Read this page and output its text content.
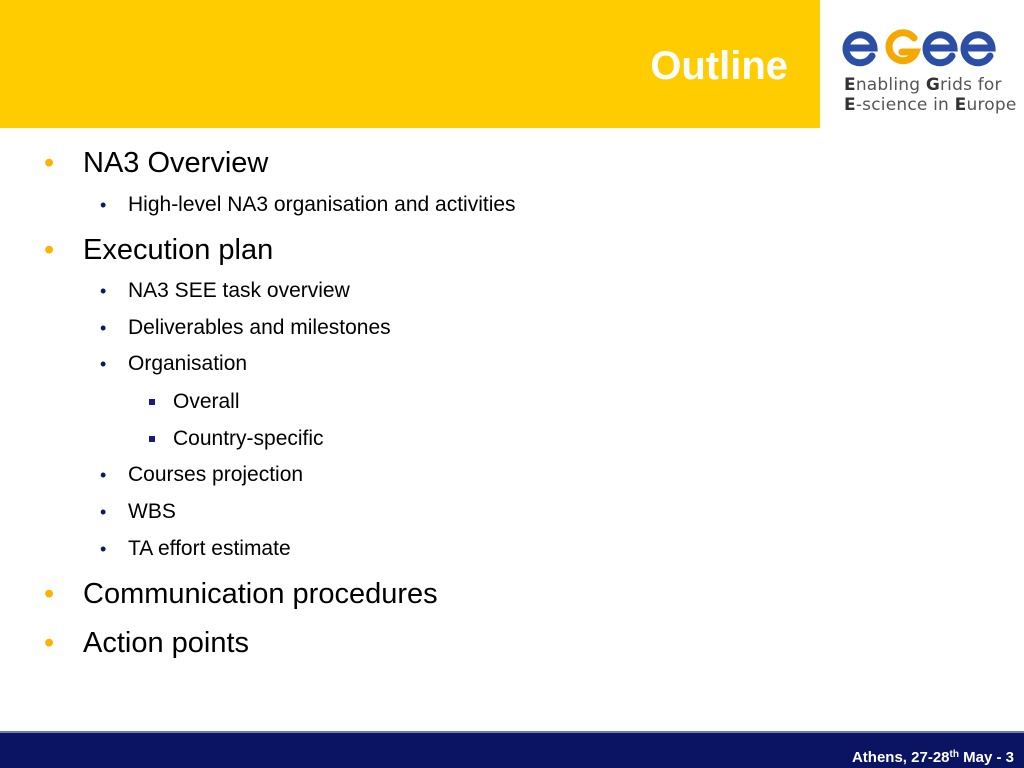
Outline	Enabling Grids for
E-science in Europe
• NA3 Overview
• High-level NA3 organisation and activities
• Execution plan
• NA3 SEE task overview
• Deliverables and milestones
• Organisation
Overall
Country-specific
• Courses projection
• WBS
• TA effort estimate
• Communication procedures
• Action points
Athens, 27-28th May - 3
